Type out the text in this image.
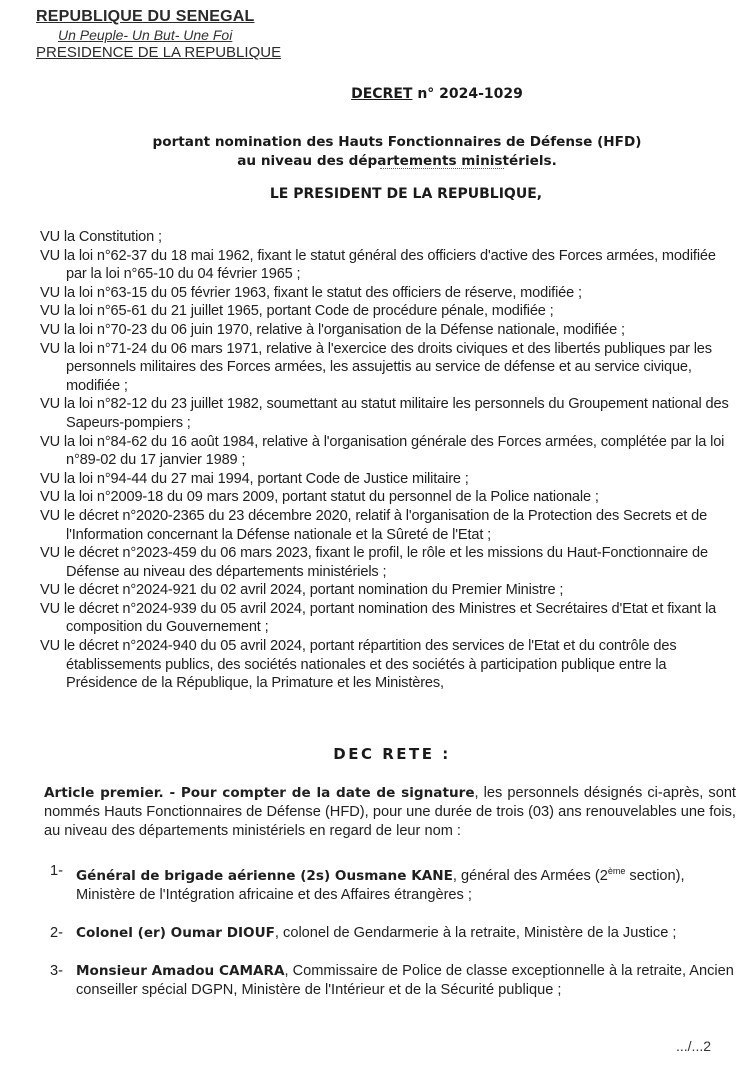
REPUBLIQUE DU SENEGAL

Un Peuple- Un But- Une Foi

PRESIDENCE DE LA REPUBLIQUE

DECRET n° 2024-1029
portant nomination des Hauts Fonctionnaires de Défense (HFD)
au niveau des départements ministériels.
LE PRESIDENT DE LA REPUBLIQUE,

VU la Constitution ;

VU la loi n°62-37 du 18 mai 1962, fixant le statut général des officiers d'active des Forces armées, modifiée par la loi n°65-10 du 04 février 1965 ;

VU la loi n°63-15 du 05 février 1963, fixant le statut des officiers de réserve, modifiée ;

VU la loi n°65-61 du 21 juillet 1965, portant Code de procédure pénale, modifiée ;

VU la loi n°70-23 du 06 juin 1970, relative à l'organisation de la Défense nationale, modifiée ;

VU la loi n°71-24 du 06 mars 1971, relative à l'exercice des droits civiques et des libertés publiques par les personnels militaires des Forces armées, les assujettis au service de défense et au service civique, modifiée ;

VU la loi n°82-12 du 23 juillet 1982, soumettant au statut militaire les personnels du Groupement national des Sapeurs-pompiers ;

VU la loi n°84-62 du 16 août 1984, relative à l'organisation générale des Forces armées, complétée par la loi n°89-02 du 17 janvier 1989 ;

VU la loi n°94-44 du 27 mai 1994, portant Code de Justice militaire ;

VU la loi n°2009-18 du 09 mars 2009, portant statut du personnel de la Police nationale ;

VU le décret n°2020-2365 du 23 décembre 2020, relatif à l'organisation de la Protection des Secrets et de l'Information concernant la Défense nationale et la Sûreté de l'Etat ;

VU le décret n°2023-459 du 06 mars 2023, fixant le profil, le rôle et les missions du Haut-Fonctionnaire de Défense au niveau des départements ministériels ;

VU le décret n°2024-921 du 02 avril 2024, portant nomination du Premier Ministre ;

VU le décret n°2024-939 du 05 avril 2024, portant nomination des Ministres et Secrétaires d'Etat et fixant la composition du Gouvernement ;

VU le décret n°2024-940 du 05 avril 2024, portant répartition des services de l'Etat et du contrôle des établissements publics, des sociétés nationales et des sociétés à participation publique entre la Présidence de la République, la Primature et les Ministères,

DEC RETE :
Article premier. - Pour compter de la date de signature, les personnels désignés ci-après, sont nommés Hauts Fonctionnaires de Défense (HFD), pour une durée de trois (03) ans renouvelables une fois, au niveau des départements ministériels en regard de leur nom :
1- Général de brigade aérienne (2s) Ousmane KANE, général des Armées (2ème section), Ministère de l'Intégration africaine et des Affaires étrangères ;
2- Colonel (er) Oumar DIOUF, colonel de Gendarmerie à la retraite, Ministère de la Justice ;
3- Monsieur Amadou CAMARA, Commissaire de Police de classe exceptionnelle à la retraite, Ancien conseiller spécial DGPN, Ministère de l'Intérieur et de la Sécurité publique ;
.../...2
